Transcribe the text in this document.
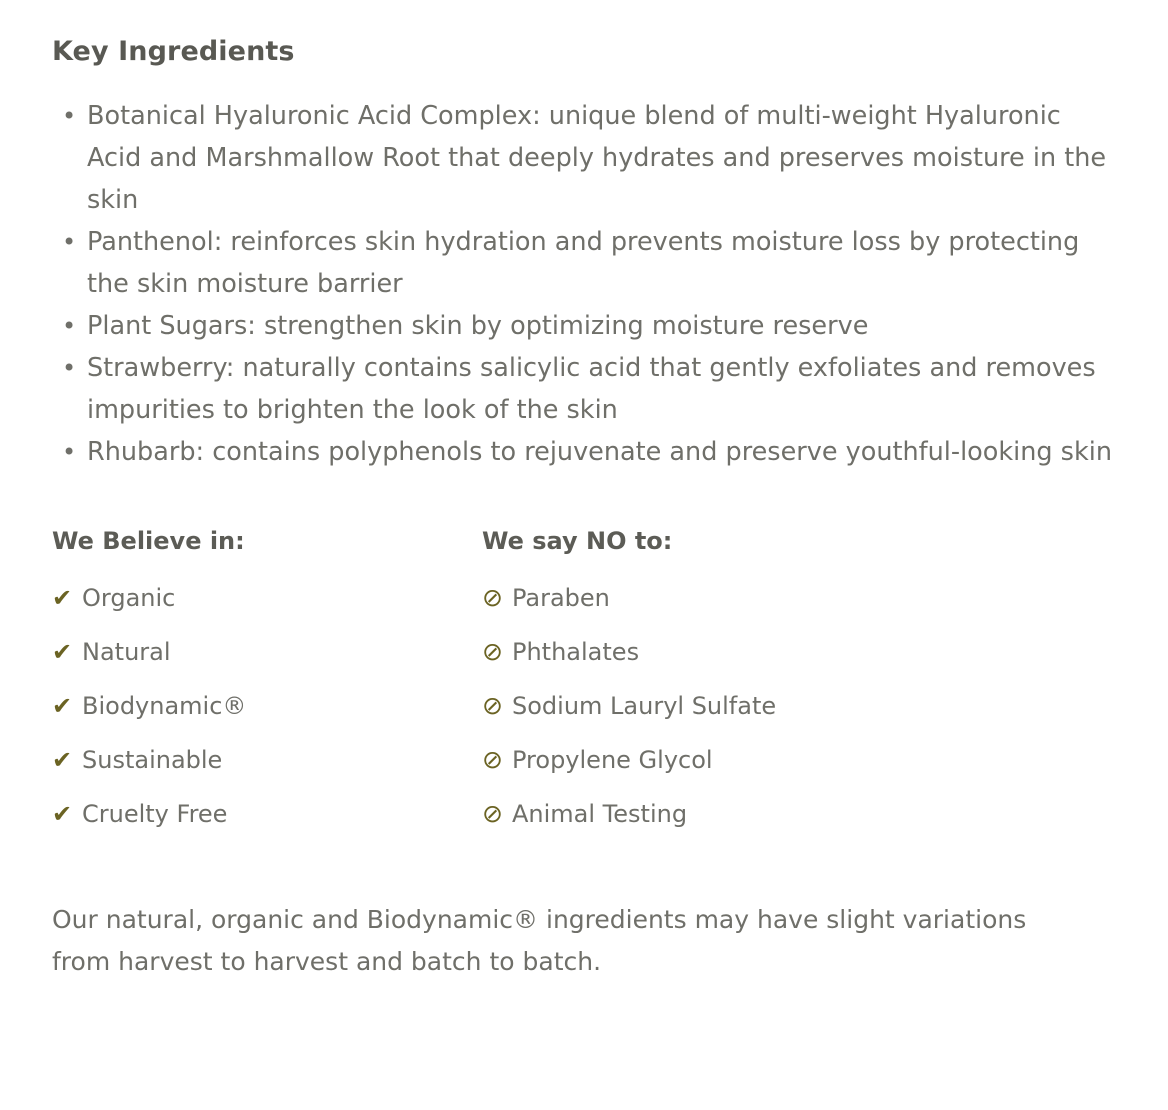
Key Ingredients
• Botanical Hyaluronic Acid Complex: unique blend of multi-weight Hyaluronic Acid and Marshmallow Root that deeply hydrates and preserves moisture in the skin
• Panthenol: reinforces skin hydration and prevents moisture loss by protecting the skin moisture barrier
• Plant Sugars: strengthen skin by optimizing moisture reserve
• Strawberry: naturally contains salicylic acid that gently exfoliates and removes impurities to brighten the look of the skin
• Rhubarb: contains polyphenols to rejuvenate and preserve youthful-looking skin
We Believe in:
✔ Organic
✔ Natural
✔ Biodynamic®
✔ Sustainable
✔ Cruelty Free
We say NO to:
⊘ Paraben
⊘ Phthalates
⊘ Sodium Lauryl Sulfate
⊘ Propylene Glycol
⊘ Animal Testing

Our natural, organic and Biodynamic® ingredients may have slight variations from harvest to harvest and batch to batch.
